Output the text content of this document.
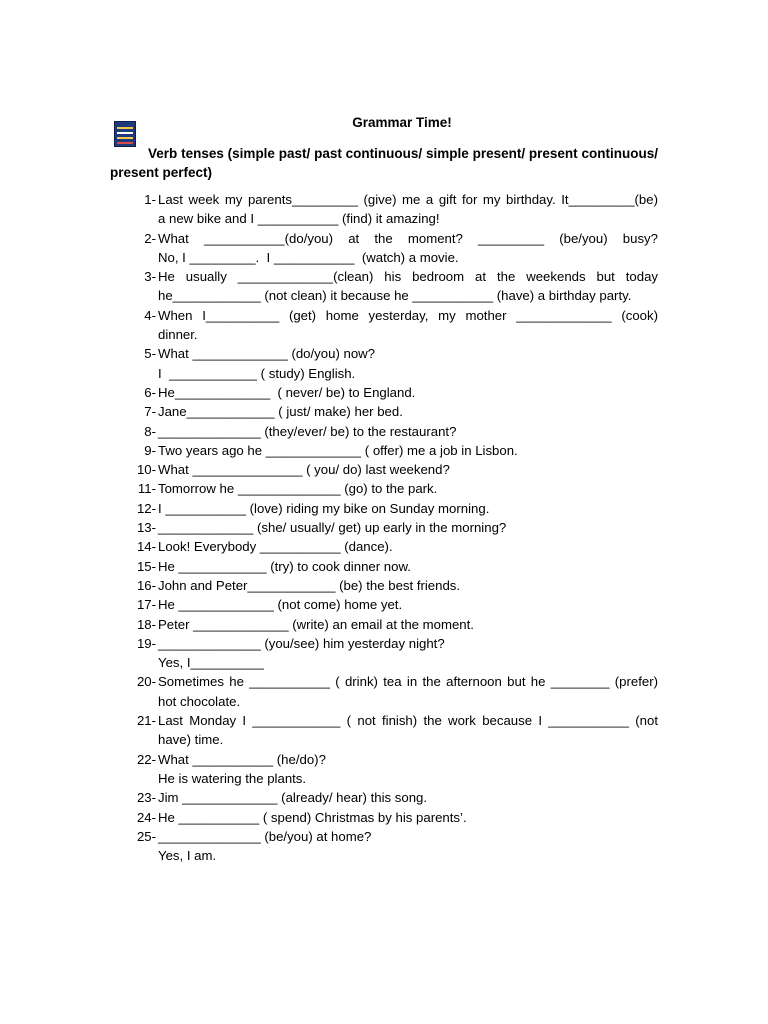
Grammar Time!
Verb tenses (simple past/ past continuous/ simple present/ present continuous/ present perfect)
1- Last week my parents_________ (give) me a gift for my birthday. It_________(be)
a new bike and I ___________ (find) it amazing!
2- What ___________(do/you) at the moment? _________ (be/you) busy?
No, I _________.  I ___________  (watch) a movie.
3- He usually _____________(clean) his bedroom at the weekends but today
he____________ (not clean) it because he ___________ (have) a birthday party.
4- When I__________ (get) home yesterday, my mother _____________ (cook)
dinner.
5- What _____________ (do/you) now?
I  ____________ ( study) English.
6- He_____________  ( never/ be) to England.
7- Jane____________ ( just/ make) her bed.
8- ______________ (they/ever/ be) to the restaurant?
9- Two years ago he _____________ ( offer) me a job in Lisbon.
10- What _______________ ( you/ do) last weekend?
11- Tomorrow he ______________ (go) to the park.
12- I ___________ (love) riding my bike on Sunday morning.
13- _____________ (she/ usually/ get) up early in the morning?
14- Look! Everybody ___________ (dance).
15- He ____________ (try) to cook dinner now.
16- John and Peter____________ (be) the best friends.
17- He _____________ (not come) home yet.
18- Peter _____________ (write) an email at the moment.
19- ______________ (you/see) him yesterday night?
Yes, I__________
20- Sometimes he ___________ ( drink) tea in the afternoon but he ________ (prefer)
hot chocolate.
21- Last Monday I ____________ ( not finish) the work because I ___________ (not
have) time.
22- What ___________ (he/do)?
He is watering the plants.
23- Jim _____________ (already/ hear) this song.
24- He ___________ ( spend) Christmas by his parents’.
25- ______________ (be/you) at home?
Yes, I am.
